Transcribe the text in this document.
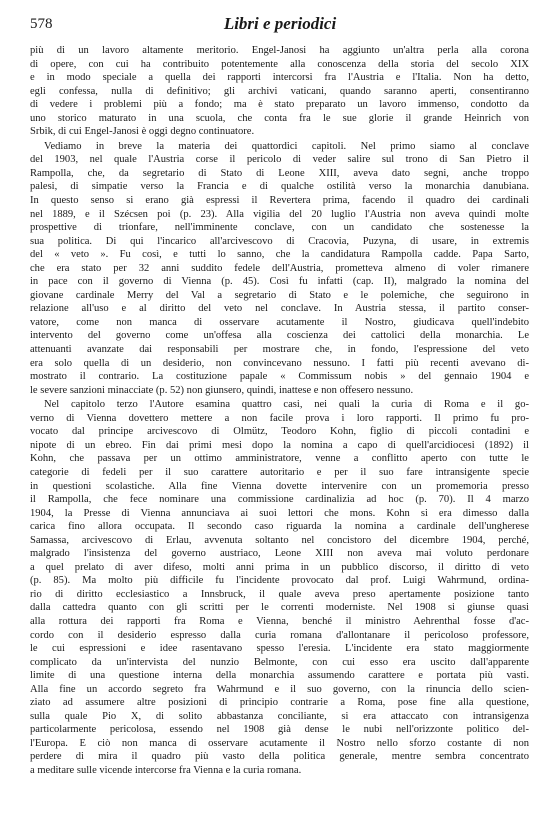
578	Libri e periodici
più di un lavoro altamente meritorio. Engel-Janosi ha aggiunto un'altra perla alla corona
di opere, con cui ha contribuito potentemente alla conoscenza della storia del secolo XIX
e in modo speciale a quella dei rapporti intercorsi fra l'Austria e l'Italia. Non ha detto,
egli confessa, nulla di definitivo; gli archivi vaticani, quando saranno aperti, consentiranno
di vedere i problemi più a fondo; ma è stato preparato un lavoro immenso, condotto da
uno storico maturato in una scuola, che conta fra le sue glorie il grande Heinrich von
Srbik, di cui Engel-Janosi è oggi degno continuatore.
Vediamo in breve la materia dei quattordici capitoli. Nel primo siamo al conclave
del 1903, nel quale l'Austria corse il pericolo di veder salire sul trono di San Pietro il
Rampolla, che, da segretario di Stato di Leone XIII, aveva dato segni, anche troppo
palesi, di simpatie verso la Francia e di qualche ostilità verso la monarchia danubiana.
In questo senso si erano già espressi il Revertera prima, facendo il quadro dei cardinali
nel 1889, e il Szécsen poi (p. 23). Alla vigilia del 20 luglio l'Austria non aveva quindi molte
prospettive di trionfare, nell'imminente conclave, con un candidato che sostenesse la
sua politica. Di qui l'incarico all'arcivescovo di Cracovia, Puzyna, di usare, in extremis
del « veto ». Fu così, e tutti lo sanno, che la candidatura Rampolla cadde. Papa Sarto,
che era stato per 32 anni suddito fedele dell'Austria, prometteva almeno di voler rimanere
in pace con il governo di Vienna (p. 45). Così fu infatti (cap. II), malgrado la nomina del
giovane cardinale Merry del Val a segretario di Stato e le polemiche, che seguirono in
relazione all'uso e al diritto del veto nel conclave. In Austria stessa, il partito conser-
vatore, come non manca di osservare acutamente il Nostro, giudicava quell'indebito
intervento del governo come un'offesa alla coscienza dei cattolici della monarchia. Le
attenuanti avanzate dai responsabili per mostrare che, in fondo, l'espressione del veto
era solo quella di un desiderio, non convincevano nessuno. I fatti più recenti avevano di-
mostrato il contrario. La costituzione papale « Commissum nobis » del gennaio 1904 e
le severe sanzioni minacciate (p. 52) non giunsero, quindi, inattese e non offesero nessuno.
Nel capitolo terzo l'Autore esamina quattro casi, nei quali la curia di Roma e il go-
verno di Vienna dovettero mettere a non facile prova i loro rapporti. Il primo fu pro-
vocato dal principe arcivescovo di Olmütz, Teodoro Kohn, figlio di piccoli contadini e
nipote di un ebreo. Fin dai primi mesi dopo la nomina a capo di quell'arcidiocesi (1892) il
Kohn, che passava per un ottimo amministratore, venne a conflitto aperto con tutte le
categorie di fedeli per il suo carattere autoritario e per il suo fare intransigente specie
in questioni scolastiche. Alla fine Vienna dovette intervenire con un promemoria presso
il Rampolla, che fece nominare una commissione cardinalizia ad hoc (p. 70). Il 4 marzo
1904, la Presse di Vienna annunciava ai suoi lettori che mons. Kohn si era dimesso dalla
carica fino allora occupata. Il secondo caso riguarda la nomina a cardinale dell'ungherese
Samassa, arcivescovo di Erlau, avvenuta soltanto nel concistoro del dicembre 1904, perché,
malgrado l'insistenza del governo austriaco, Leone XIII non aveva mai voluto perdonare
a quel prelato di aver difeso, molti anni prima in un pubblico discorso, il diritto di veto
(p. 85). Ma molto più difficile fu l'incidente provocato dal prof. Luigi Wahrmund, ordina-
rio di diritto ecclesiastico a Innsbruck, il quale aveva preso apertamente posizione tanto
dalla cattedra quanto con gli scritti per le correnti moderniste. Nel 1908 si giunse quasi
alla rottura dei rapporti fra Roma e Vienna, benché il ministro Aehrenthal fosse d'ac-
cordo con il desiderio espresso dalla curia romana d'allontanare il pericoloso professore,
le cui espressioni e idee rasentavano spesso l'eresia. L'incidente era stato maggiormente
complicato da un'intervista del nunzio Belmonte, con cui esso era uscito dall'apparente
limite di una questione interna della monarchia assumendo carattere e portata più vasti.
Alla fine un accordo segreto fra Wahrmund e il suo governo, con la rinuncia dello scien-
ziato ad assumere altre posizioni di principio contrarie a Roma, pose fine alla questione,
sulla quale Pio X, di solito abbastanza conciliante, si era attaccato con intransigenza
particolarmente pericolosa, essendo nel 1908 già dense le nubi nell'orizzonte politico del-
l'Europa. E ciò non manca di osservare acutamente il Nostro nello sforzo costante di non
perdere di mira il quadro più vasto della politica generale, mentre sembra concentrato
a meditare sulle vicende intercorse fra Vienna e la curia romana.
